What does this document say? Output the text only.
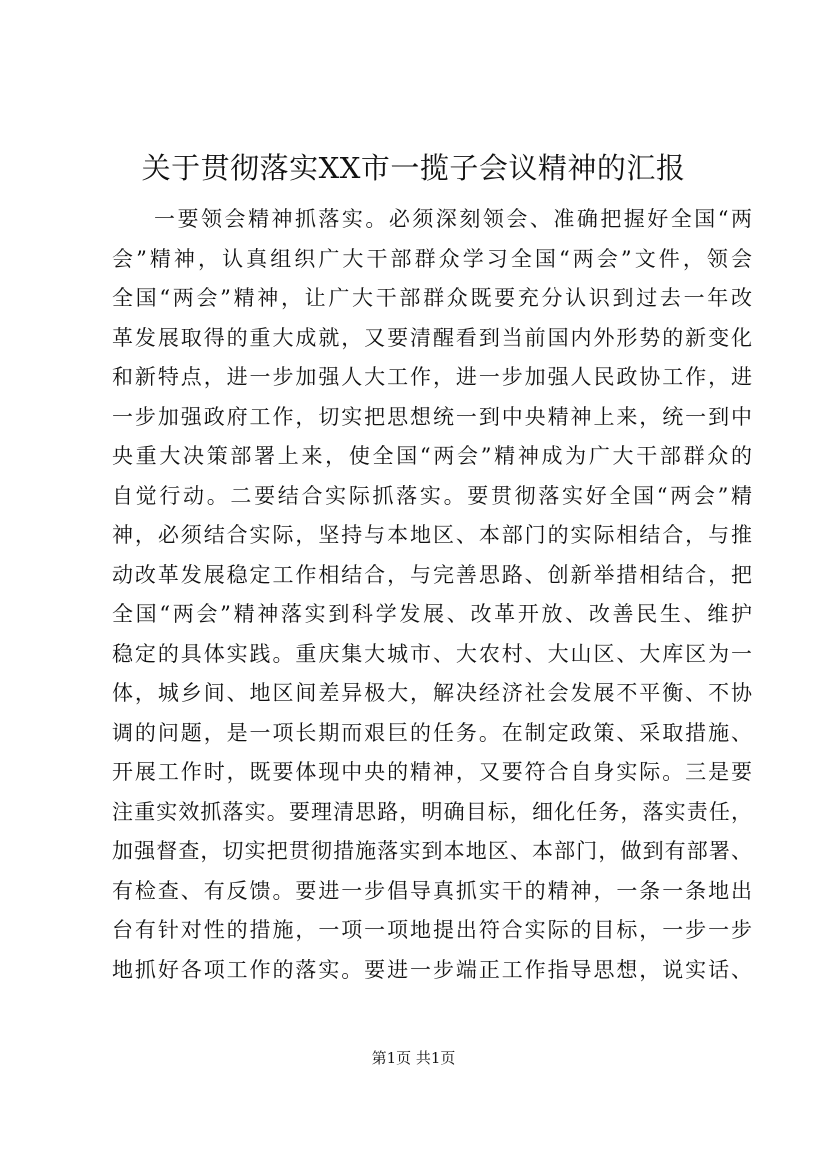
关于贯彻落实XX市一揽子会议精神的汇报
一要领会精神抓落实。必须深刻领会、准确把握好全国“两
会”精神，认真组织广大干部群众学习全国“两会”文件，领会
全国“两会”精神，让广大干部群众既要充分认识到过去一年改
革发展取得的重大成就，又要清醒看到当前国内外形势的新变化
和新特点，进一步加强人大工作，进一步加强人民政协工作，进
一步加强政府工作，切实把思想统一到中央精神上来，统一到中
央重大决策部署上来，使全国“两会”精神成为广大干部群众的
自觉行动。二要结合实际抓落实。要贯彻落实好全国“两会”精
神，必须结合实际，坚持与本地区、本部门的实际相结合，与推
动改革发展稳定工作相结合，与完善思路、创新举措相结合，把
全国“两会”精神落实到科学发展、改革开放、改善民生、维护
稳定的具体实践。重庆集大城市、大农村、大山区、大库区为一
体，城乡间、地区间差异极大，解决经济社会发展不平衡、不协
调的问题，是一项长期而艰巨的任务。在制定政策、采取措施、
开展工作时，既要体现中央的精神，又要符合自身实际。三是要
注重实效抓落实。要理清思路，明确目标，细化任务，落实责任，
加强督查，切实把贯彻措施落实到本地区、本部门，做到有部署、
有检查、有反馈。要进一步倡导真抓实干的精神，一条一条地出
台有针对性的措施，一项一项地提出符合实际的目标，一步一步
地抓好各项工作的落实。要进一步端正工作指导思想，说实话、
第1页 共1页
